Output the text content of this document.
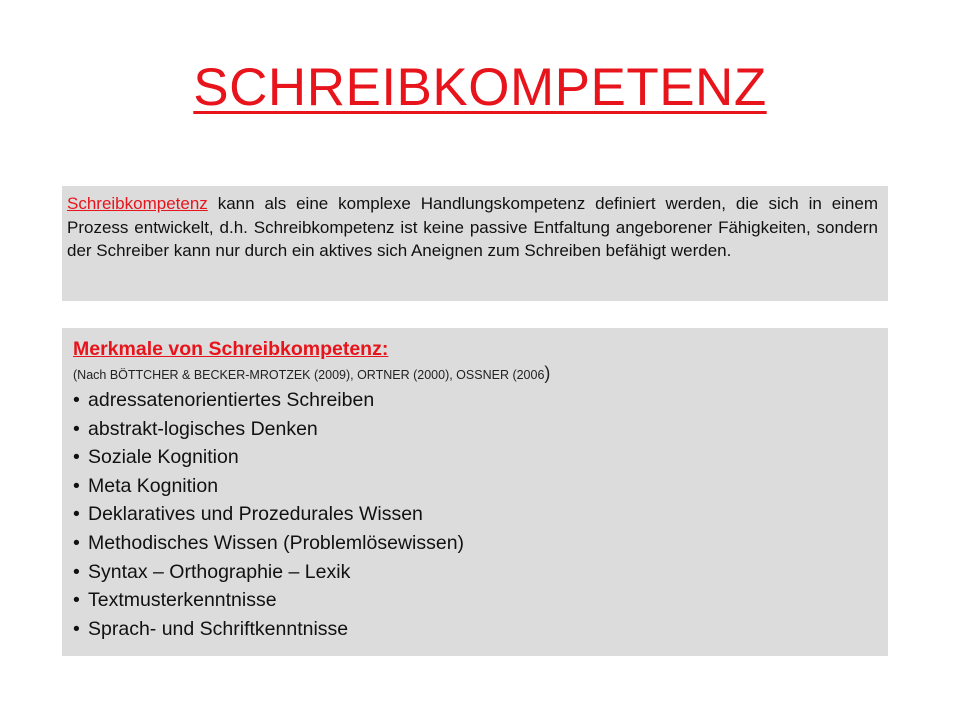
SCHREIBKOMPETENZ
Schreibkompetenz kann als eine komplexe Handlungskompetenz definiert werden, die sich in einem Prozess entwickelt, d.h. Schreibkompetenz ist keine passive Entfaltung angeborener Fähigkeiten, sondern der Schreiber kann nur durch ein aktives sich Aneignen zum Schreiben befähigt werden.
Merkmale von Schreibkompetenz:
(Nach BÖTTCHER & BECKER-MROTZEK (2009), ORTNER (2000), OSSNER (2006)
• adressatenorientiertes Schreiben
• abstrakt-logisches Denken
• Soziale Kognition
• Meta Kognition
• Deklaratives und Prozedurales Wissen
• Methodisches Wissen (Problemlösewissen)
• Syntax – Orthographie – Lexik
• Textmusterkenntnisse
• Sprach- und Schriftkenntnisse
